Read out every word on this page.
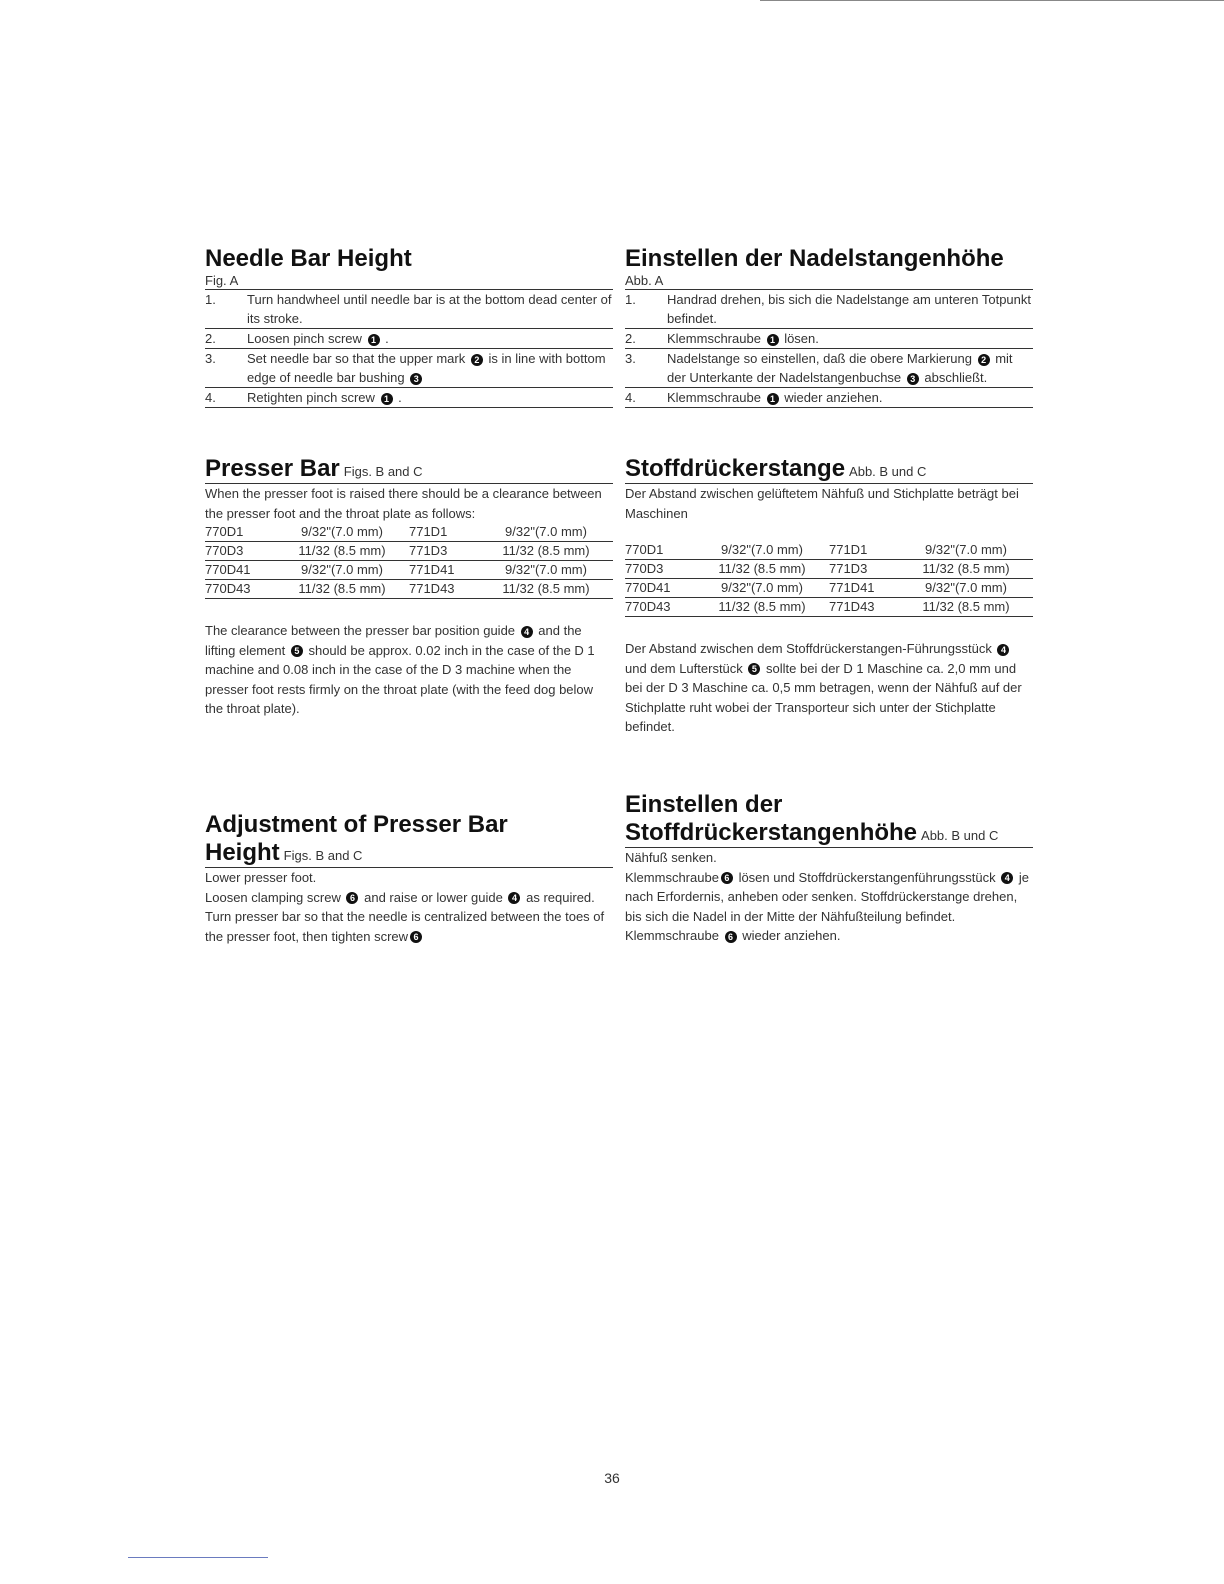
Needle Bar Height
Fig. A
1.	Turn handwheel until needle bar is at the bottom dead center of its stroke.
2.	Loosen pinch screw 1 .
3.	Set needle bar so that the upper mark 2 is in line with bottom edge of needle bar bushing 3
4.	Retighten pinch screw 1 .
Presser Bar Figs. B and C

When the presser foot is raised there should be a clearance between the presser foot and the throat plate as follows:

770D1	9/32"(7.0 mm)	771D1	9/32"(7.0 mm)
770D3	11/32 (8.5 mm)	771D3	11/32 (8.5 mm)
770D41	9/32"(7.0 mm)	771D41	9/32"(7.0 mm)
770D43	11/32 (8.5 mm)	771D43	11/32 (8.5 mm)

The clearance between the presser bar position guide 4 and the lifting element 5 should be approx. 0.02 inch in the case of the D 1 machine and 0.08 inch in the case of the D 3 machine when the presser foot rests firmly on the throat plate (with the feed dog below the throat plate).

Adjustment of Presser Bar
Height Figs. B and C

Lower presser foot.

Loosen clamping screw 6 and raise or lower guide 4 as required. Turn presser bar so that the needle is centralized between the toes of the presser foot, then tighten screw 6

Einstellen der Nadelstangenhöhe
Abb. A
1.	Handrad drehen, bis sich die Nadelstange am unteren Totpunkt befindet.
2.	Klemmschraube 1 lösen.
3.	Nadelstange so einstellen, daß die obere Markierung 2 mit der Unterkante der Nadelstangenbuchse 3 abschließt.
4.	Klemmschraube 1 wieder anziehen.
Stoffdrückerstange Abb. B und C

Der Abstand zwischen gelüftetem Nähfuß und Stichplatte beträgt bei Maschinen

770D1	9/32"(7.0 mm)	771D1	9/32"(7.0 mm)
770D3	11/32 (8.5 mm)	771D3	11/32 (8.5 mm)
770D41	9/32"(7.0 mm)	771D41	9/32"(7.0 mm)
770D43	11/32 (8.5 mm)	771D43	11/32 (8.5 mm)

Der Abstand zwischen dem Stoffdrückerstangen-Führungsstück 4 und dem Lufterstück 5 sollte bei der D 1 Maschine ca. 2,0 mm und bei der D 3 Maschine ca. 0,5 mm betragen, wenn der Nähfuß auf der Stichplatte ruht wobei der Transporteur sich unter der Stichplatte befindet.

Einstellen der
Stoffdrückerstangenhöhe Abb. B und C

Nähfuß senken.

Klemmschraube 6 lösen und Stoffdrückerstangenführungsstück 4 je nach Erfordernis, anheben oder senken. Stoffdrückerstange drehen, bis sich die Nadel in der Mitte der Nähfußteilung befindet.

Klemmschraube 6 wieder anziehen.

36
